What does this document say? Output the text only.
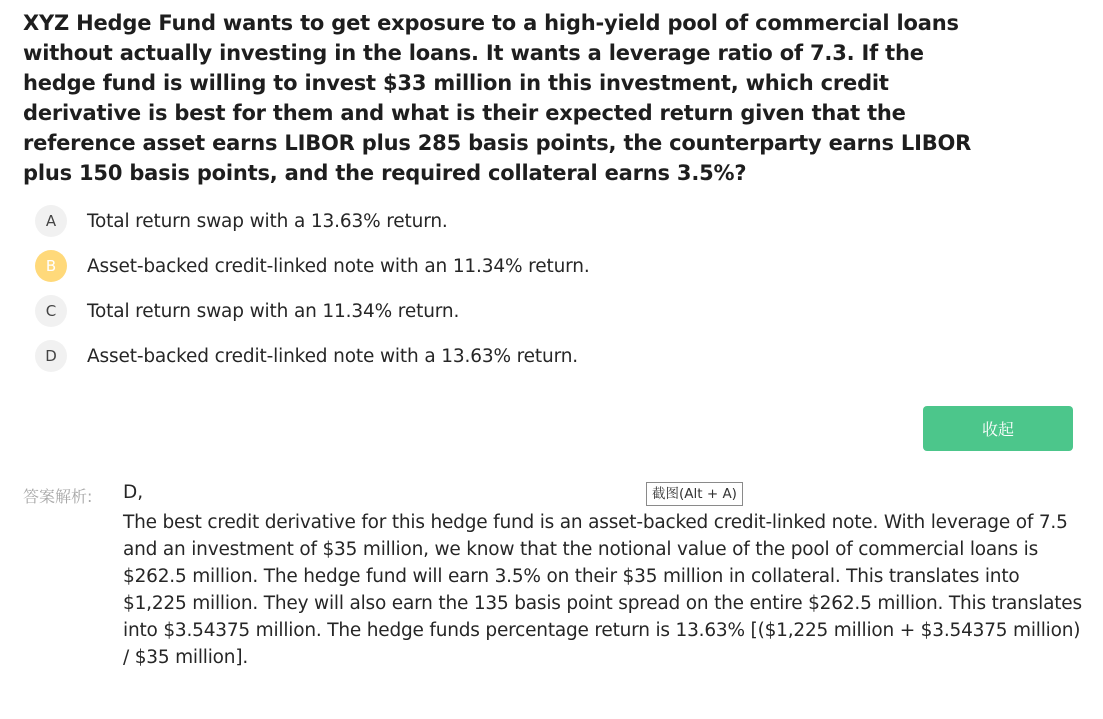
XYZ Hedge Fund wants to get exposure to a high-yield pool of commercial loans without actually investing in the loans. It wants a leverage ratio of 7.3. If the hedge fund is willing to invest $33 million in this investment, which credit derivative is best for them and what is their expected return given that the reference asset earns LIBOR plus 285 basis points, the counterparty earns LIBOR plus 150 basis points, and the required collateral earns 3.5%?
A	Total return swap with a 13.63% return.
B	Asset-backed credit-linked note with an 11.34% return.
C	Total return swap with an 11.34% return.
D	Asset-backed credit-linked note with a 13.63% return.
收起
答案解析: D,	截图(Alt + A)
The best credit derivative for this hedge fund is an asset-backed credit-linked note. With leverage of 7.5 and an investment of $35 million, we know that the notional value of the pool of commercial loans is $262.5 million. The hedge fund will earn 3.5% on their $35 million in collateral. This translates into $1,225 million. They will also earn the 135 basis point spread on the entire $262.5 million. This translates into $3.54375 million. The hedge funds percentage return is 13.63% [($1,225 million + $3.54375 million) / $35 million].
